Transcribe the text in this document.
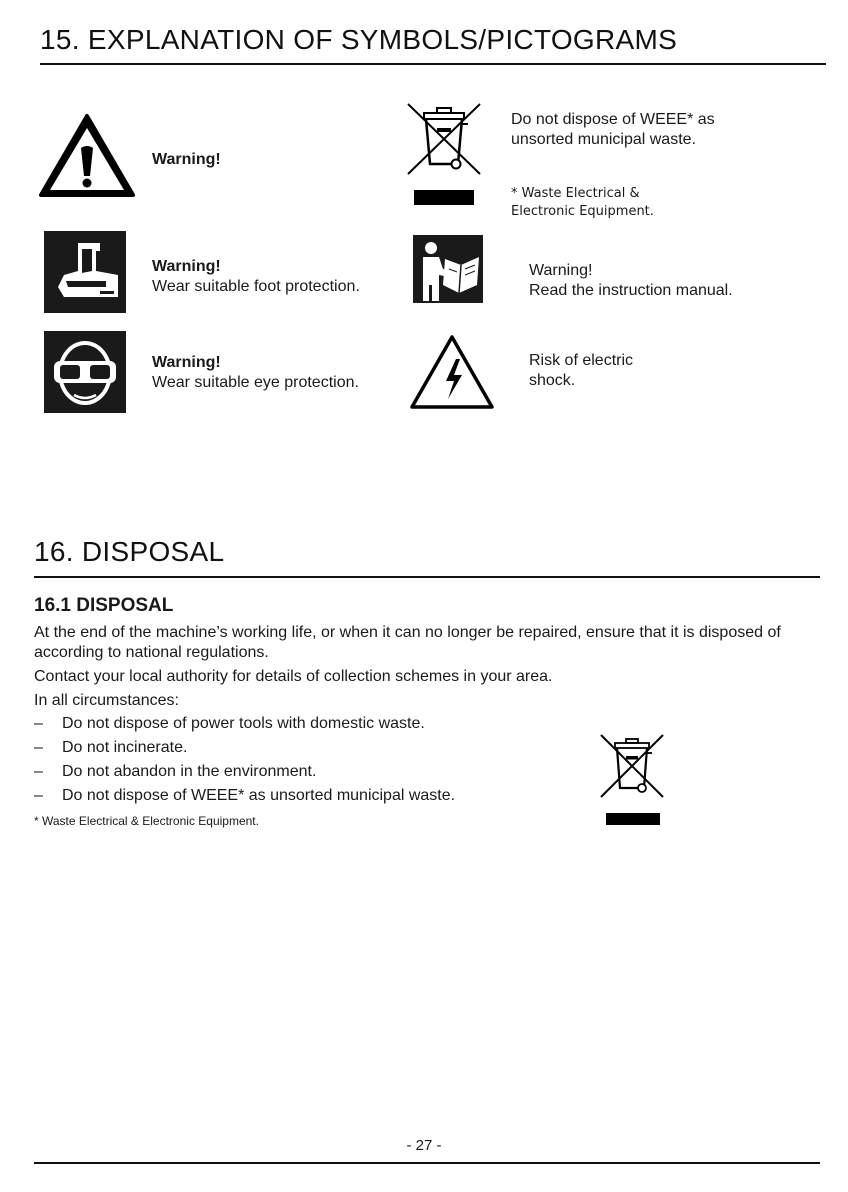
15. EXPLANATION OF SYMBOLS/PICTOGRAMS
Warning!
Do not dispose of WEEE* as
unsorted municipal waste.
* Waste Electrical &
Electronic Equipment.
Warning!
Wear suitable foot protection.
Warning!
Read the instruction manual.
Warning!
Wear suitable eye protection.
Risk of electric
shock.
16. DISPOSAL
16.1 DISPOSAL
At the end of the machine’s working life, or when it can no longer be repaired, ensure that it is disposed of according to national regulations.
Contact your local authority for details of collection schemes in your area.
In all circumstances:
– Do not dispose of power tools with domestic waste.
– Do not incinerate.
– Do not abandon in the environment.
– Do not dispose of WEEE* as unsorted municipal waste.
* Waste Electrical & Electronic Equipment.
- 27 -
